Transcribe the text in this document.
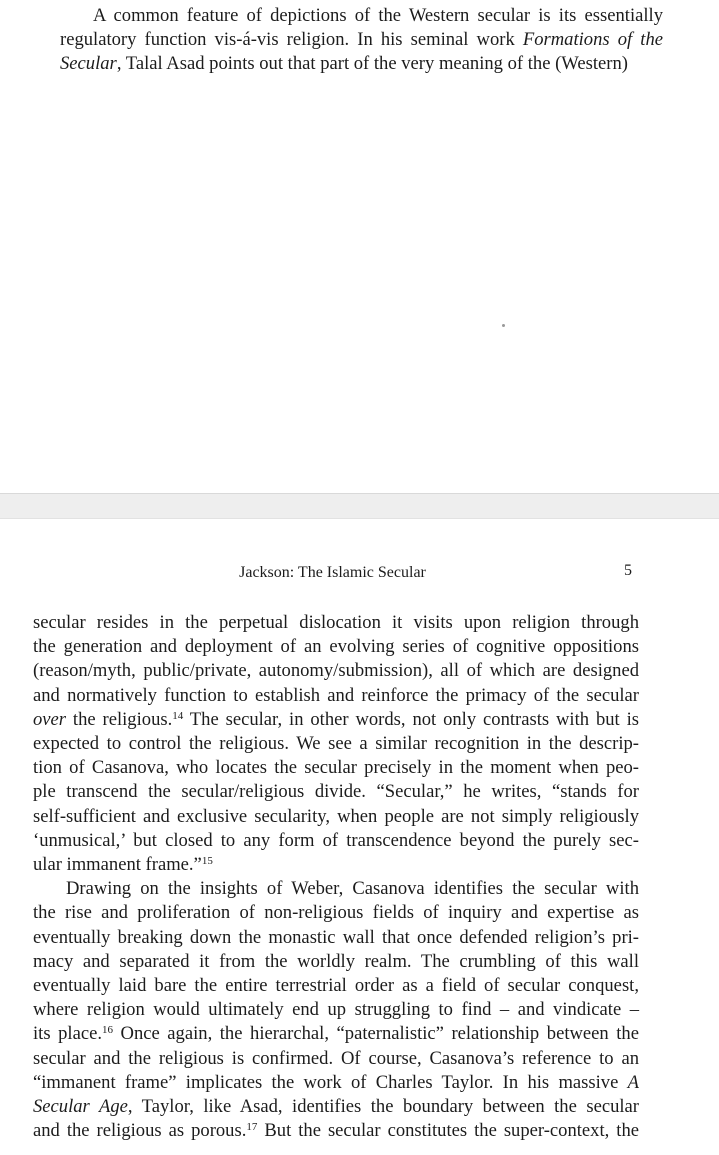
A common feature of depictions of the Western secular is its essentially
regulatory function vis-á-vis religion. In his seminal work Formations of the
Secular, Talal Asad points out that part of the very meaning of the (Western)
Jackson: The Islamic Secular	5
secular resides in the perpetual dislocation it visits upon religion through
the generation and deployment of an evolving series of cognitive oppositions
(reason/myth, public/private, autonomy/submission), all of which are designed
and normatively function to establish and reinforce the primacy of the secular
over the religious.$^{14}$ The secular, in other words, not only contrasts with but is
expected to control the religious. We see a similar recognition in the descrip-
tion of Casanova, who locates the secular precisely in the moment when peo-
ple transcend the secular/religious divide. “Secular,” he writes, “stands for
self-sufficient and exclusive secularity, when people are not simply religiously
‘unmusical,’ but closed to any form of transcendence beyond the purely sec-
ular immanent frame.”$^{15}$
Drawing on the insights of Weber, Casanova identifies the secular with
the rise and proliferation of non-religious fields of inquiry and expertise as
eventually breaking down the monastic wall that once defended religion’s pri-
macy and separated it from the worldly realm. The crumbling of this wall
eventually laid bare the entire terrestrial order as a field of secular conquest,
where religion would ultimately end up struggling to find – and vindicate –
its place.$^{16}$ Once again, the hierarchal, “paternalistic” relationship between the
secular and the religious is confirmed. Of course, Casanova’s reference to an
“immanent frame” implicates the work of Charles Taylor. In his massive A
Secular Age, Taylor, like Asad, identifies the boundary between the secular
and the religious as porous.$^{17}$ But the secular constitutes the super-context, the
